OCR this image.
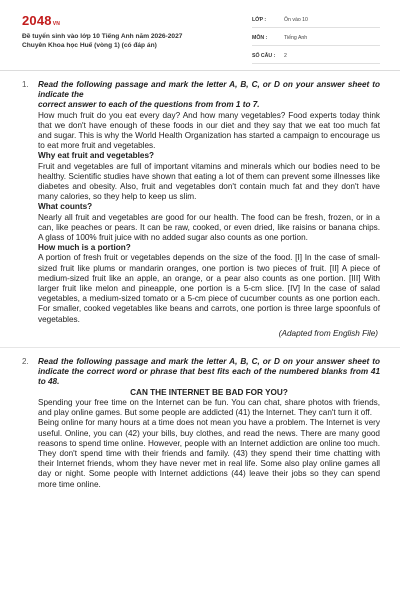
2048VN
Đề tuyển sinh vào lớp 10 Tiếng Anh năm 2026-2027
Chuyên Khoa học Huế (vòng 1) (có đáp án)
LỚP :	Ôn vào 10
MÔN :	Tiếng Anh
SỐ CÂU : 2
1. Read the following passage and mark the letter A, B, C, or D on your answer sheet to indicate the
correct answer to each of the questions from from 1 to 7.

How much fruit do you eat every day? And how many vegetables? Food experts today think that we don't have enough of these foods in our diet and they say that we eat too much fat and sugar. This is why the World Health Organization has started a campaign to encourage us to eat more fruit and vegetables.

Why eat fruit and vegetables?

Fruit and vegetables are full of important vitamins and minerals which our bodies need to be healthy. Scientific studies have shown that eating a lot of them can prevent some illnesses like diabetes and obesity. Also, fruit and vegetables don't contain much fat and they don't have many calories, so they help to keep us slim.

What counts?

Nearly all fruit and vegetables are good for our health. The food can be fresh, frozen, or in a can, like peaches or pears. It can be raw, cooked, or even dried, like raisins or banana chips. A glass of 100% fruit juice with no added sugar also counts as one portion.

How much is a portion?

A portion of fresh fruit or vegetables depends on the size of the food. [I] In the case of small-sized fruit like plums or mandarin oranges, one portion is two pieces of fruit. [II] A piece of medium-sized fruit like an apple, an orange, or a pear also counts as one portion. [III] With larger fruit like melon and pineapple, one portion is a 5-cm slice. [IV] In the case of salad vegetables, a medium-sized tomato or a 5-cm piece of cucumber counts as one portion each. For smaller, cooked vegetables like beans and carrots, one portion is three large spoonfuls of vegetables.

(Adapted from English File)

2. Read the following passage and mark the letter A, B, C, or D on your answer sheet to indicate the correct word or phrase that best fits each of the numbered blanks from 41 to 48.

CAN THE INTERNET BE BAD FOR YOU?

Spending your free time on the Internet can be fun. You can chat, share photos with friends, and play online games. But some people are addicted (41) the Internet. They can't turn it off.

Being online for many hours at a time does not mean you have a problem. The Internet is very useful. Online, you can (42) your bills, buy clothes, and read the news. There are many good reasons to spend time online. However, people with an Internet addiction are online too much. They don't spend time with their friends and family. (43) they spend their time chatting with their Internet friends, whom they have never met in real life. Some also play online games all day or night. Some people with Internet addictions (44) leave their jobs so they can spend more time online.
